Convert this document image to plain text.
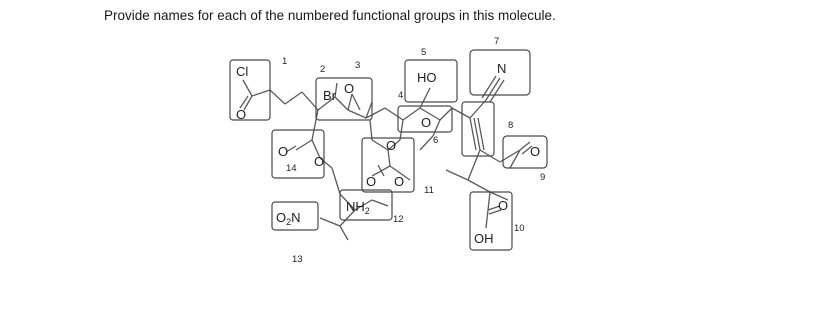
Provide names for each of the numbered functional groups in this molecule.
Cl
O
Br O
HO
N
O
O
O O
O
O
O
O
OH
$NH_2$
$O_2N$
1
2	3
4
5
6
7
8
9
10
11
12
13
14
